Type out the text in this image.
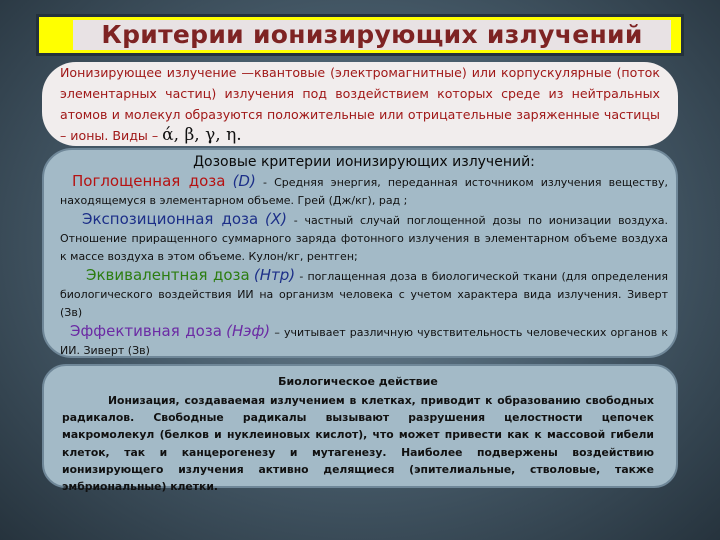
Критерии ионизирующих излучений
Ионизирующее излучение —квантовые (электромагнитные) или корпускулярные (поток элементарных частиц) излучения под воздействием которых среде из нейтральных атомов и молекул образуются положительные или отрицательные заряженные частицы – ионы. Виды – ά, β, γ, η.
Дозовые критерии ионизирующих излучений:

Поглощенная доза (D) - Средняя энергия, переданная источником излучения веществу, находящемуся в элементарном объеме. Грей (Дж/кг), рад ;

Экспозиционная доза (X) - частный случай поглощенной дозы по ионизации воздуха. Отношение приращенного суммарного заряда фотонного излучения в элементарном объеме воздуха к массе воздуха в этом объеме. Кулон/кг, рентген;

Эквивалентная доза (Hтр) - поглащенная доза в биологической ткани (для определения биологического воздействия ИИ на организм человека с учетом характера вида излучения. Зиверт (Зв)

Эффективная доза (Нэф) – учитывает различную чувствительность человеческих органов к ИИ. Зиверт (Зв)

Биологическое действие

Ионизация, создаваемая излучением в клетках, приводит к образованию свободных радикалов. Свободные радикалы вызывают разрушения целостности цепочек макромолекул (белков и нуклеиновых кислот), что может привести как к массовой гибели клеток, так и канцерогенезу и мутагенезу. Наиболее подвержены воздействию ионизирующего излучения активно делящиеся (эпителиальные, стволовые, также эмбриональные) клетки.
